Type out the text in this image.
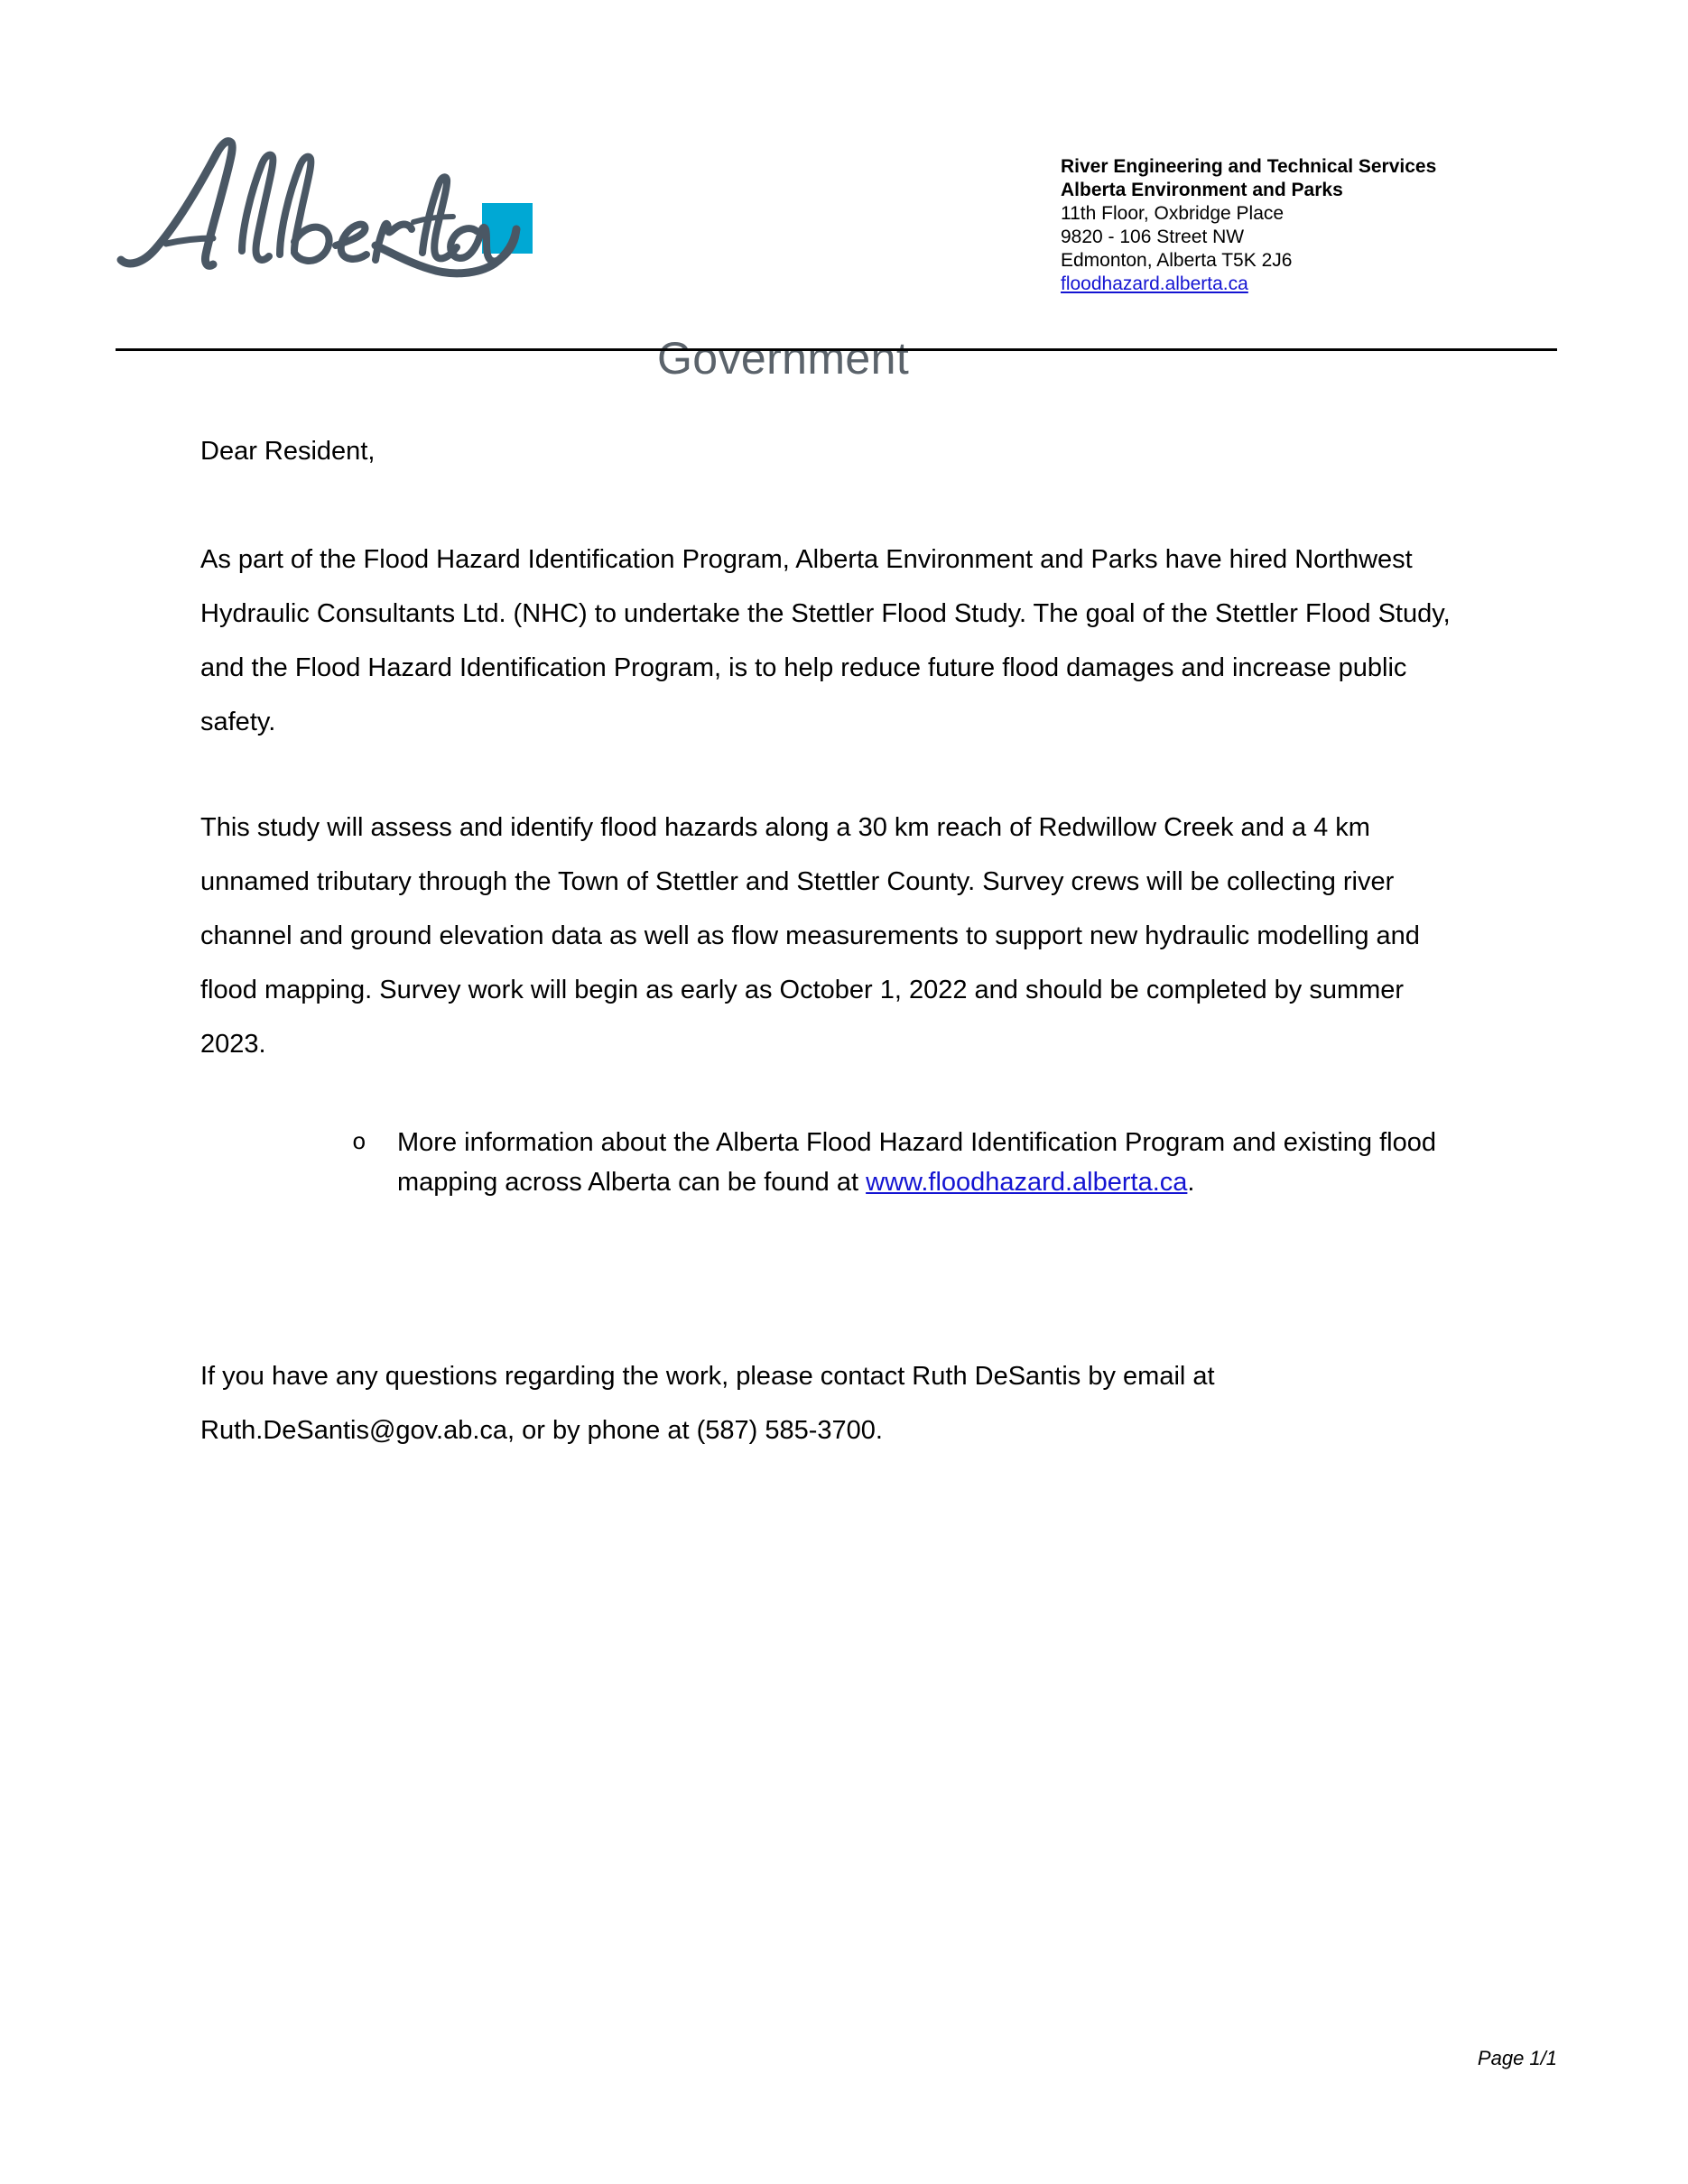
Government
River Engineering and Technical Services
Alberta Environment and Parks
11th Floor, Oxbridge Place
9820 - 106 Street NW
Edmonton, Alberta T5K 2J6
floodhazard.alberta.ca

Dear Resident,

As part of the Flood Hazard Identification Program, Alberta Environment and Parks have hired Northwest Hydraulic Consultants Ltd. (NHC) to undertake the Stettler Flood Study. The goal of the Stettler Flood Study, and the Flood Hazard Identification Program, is to help reduce future flood damages and increase public safety.

This study will assess and identify flood hazards along a 30 km reach of Redwillow Creek and a 4 km unnamed tributary through the Town of Stettler and Stettler County. Survey crews will be collecting river channel and ground elevation data as well as flow measurements to support new hydraulic modelling and flood mapping. Survey work will begin as early as October 1, 2022 and should be completed by summer 2023.

o More information about the Alberta Flood Hazard Identification Program and existing flood mapping across Alberta can be found at www.floodhazard.alberta.ca.

If you have any questions regarding the work, please contact Ruth DeSantis by email at Ruth.DeSantis@gov.ab.ca, or by phone at (587) 585-3700.

Page 1/1
